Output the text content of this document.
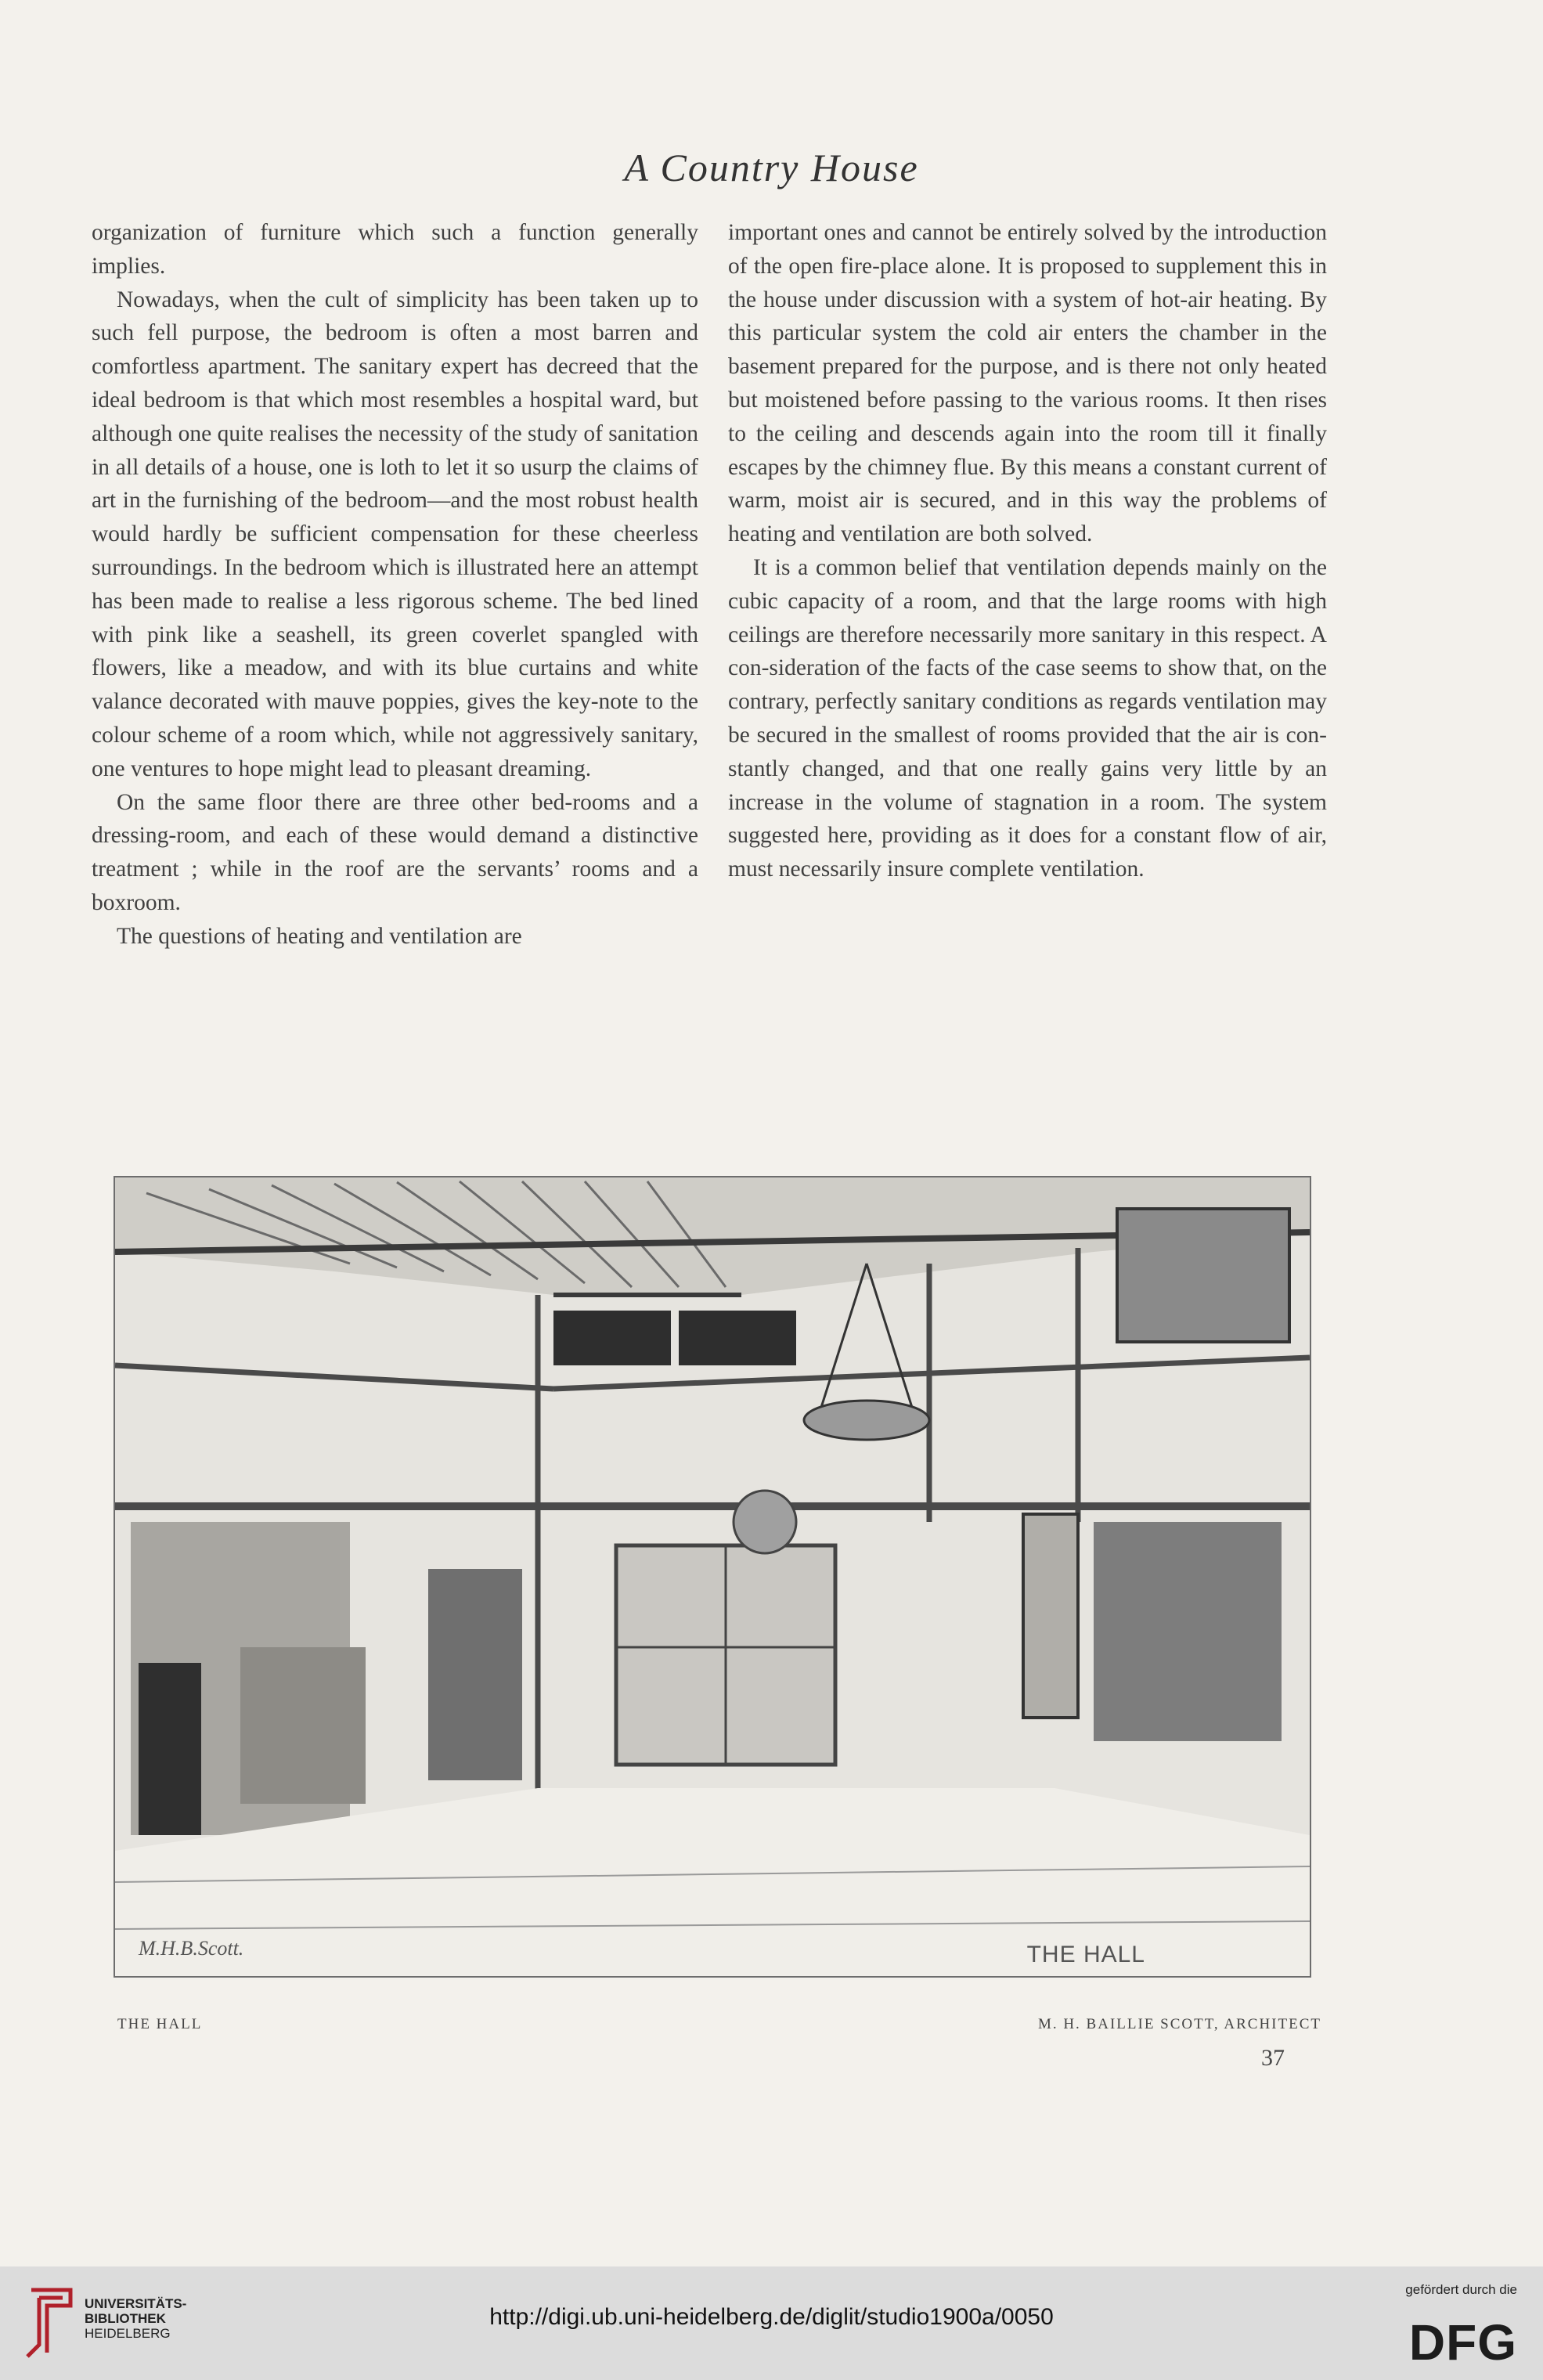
A Country House

organization of furniture which such a function generally implies.

Nowadays, when the cult of simplicity has been taken up to such fell purpose, the bedroom is often a most barren and comfortless apartment. The sanitary expert has decreed that the ideal bedroom is that which most resembles a hospital ward, but although one quite realises the necessity of the study of sanitation in all details of a house, one is loth to let it so usurp the claims of art in the furnishing of the bedroom—and the most robust health would hardly be sufficient compensation for these cheerless surroundings. In the bedroom which is illustrated here an attempt has been made to realise a less rigorous scheme. The bed lined with pink like a seashell, its green coverlet spangled with flowers, like a meadow, and with its blue curtains and white valance decorated with mauve poppies, gives the key-note to the colour scheme of a room which, while not aggressively sanitary, one ventures to hope might lead to pleasant dreaming.

On the same floor there are three other bed-rooms and a dressing-room, and each of these would demand a distinctive treatment ; while in the roof are the servants’ rooms and a boxroom.

The questions of heating and ventilation are

important ones and cannot be entirely solved by the introduction of the open fire-place alone. It is proposed to supplement this in the house under discussion with a system of hot-air heating. By this particular system the cold air enters the chamber in the basement prepared for the purpose, and is there not only heated but moistened before passing to the various rooms. It then rises to the ceiling and descends again into the room till it finally escapes by the chimney flue. By this means a constant current of warm, moist air is secured, and in this way the problems of heating and ventilation are both solved.

It is a common belief that ventilation depends mainly on the cubic capacity of a room, and that the large rooms with high ceilings are therefore necessarily more sanitary in this respect. A con-sideration of the facts of the case seems to show that, on the contrary, perfectly sanitary conditions as regards ventilation may be secured in the smallest of rooms provided that the air is con-stantly changed, and that one really gains very little by an increase in the volume of stagnation in a room. The system suggested here, providing as it does for a constant flow of air, must necessarily insure complete ventilation.

M.H.B.Scott.	THE HALL
THE HALL	M. H. BAILLIE SCOTT, ARCHITECT
37
UNIVERSITÄTS-
BIBLIOTHEK
HEIDELBERG
http://digi.ub.uni-heidelberg.de/diglit/studio1900a/0050
gefördert durch die
DFG
